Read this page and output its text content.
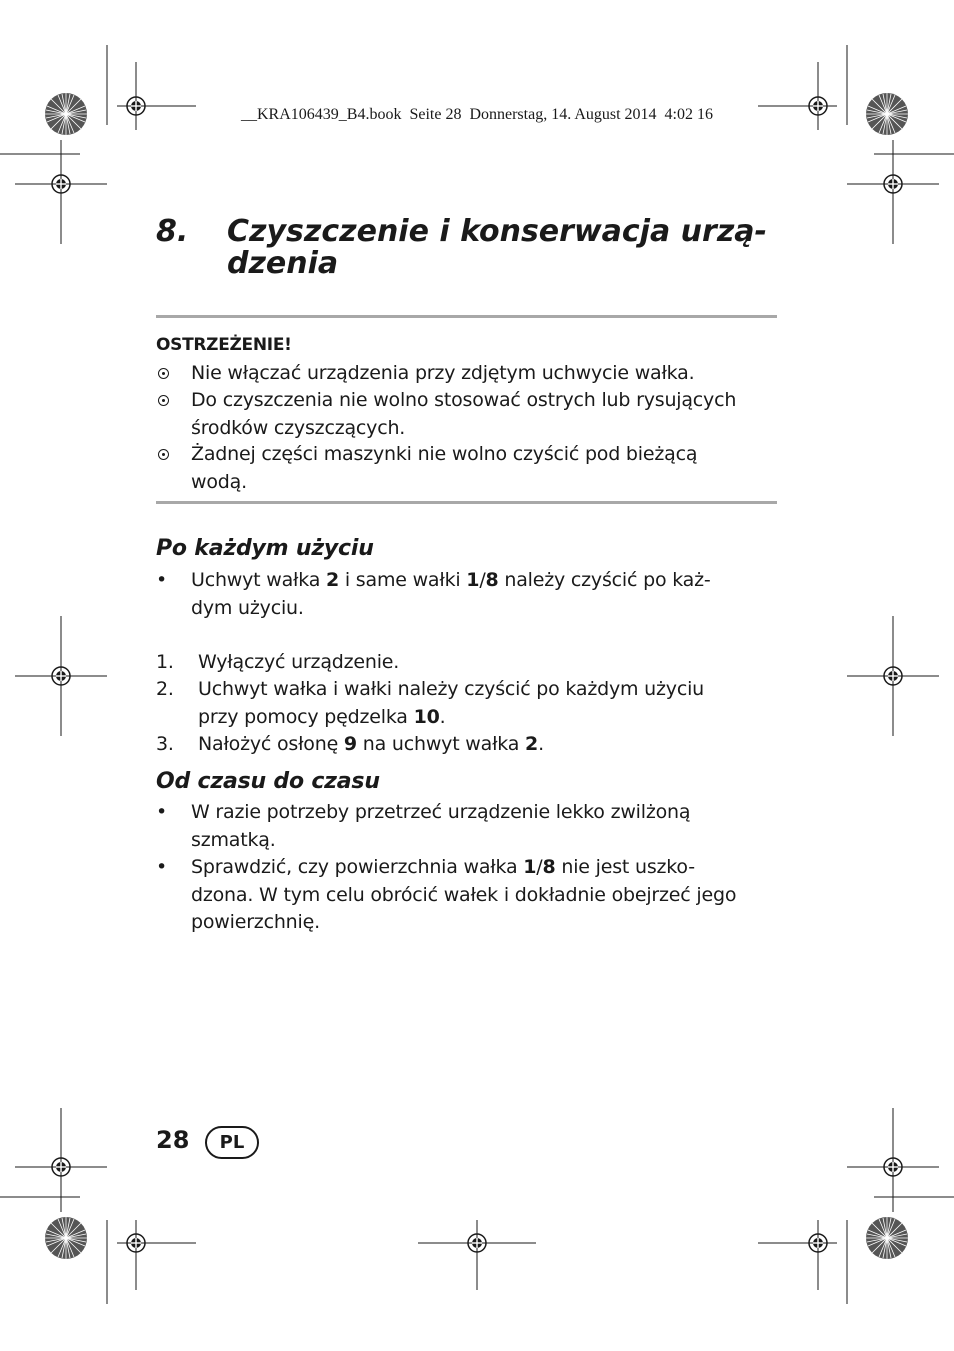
__KRA106439_B4.book  Seite 28  Donnerstag, 14. August 2014  4:02 16
8. Czyszczenie i konserwacja urzą-
dzenia
OSTRZEŻENIE!
Nie włączać urządzenia przy zdjętym uchwycie wałka.
Do czyszczenia nie wolno stosować ostrych lub rysujących
środków czyszczących.
Żadnej części maszynki nie wolno czyścić pod bieżącą
wodą.
Po każdym użyciu
• Uchwyt wałka 2 i same wałki 1/8 należy czyścić po każ-
dym użyciu.
1. Wyłączyć urządzenie.
2. Uchwyt wałka i wałki należy czyścić po każdym użyciu
przy pomocy pędzelka 10.
3. Nałożyć osłonę 9 na uchwyt wałka 2.
Od czasu do czasu
• W razie potrzeby przetrzeć urządzenie lekko zwilżoną
szmatką.
• Sprawdzić, czy powierzchnia wałka 1/8 nie jest uszko-
dzona. W tym celu obrócić wałek i dokładnie obejrzeć jego
powierzchnię.
28	PL
